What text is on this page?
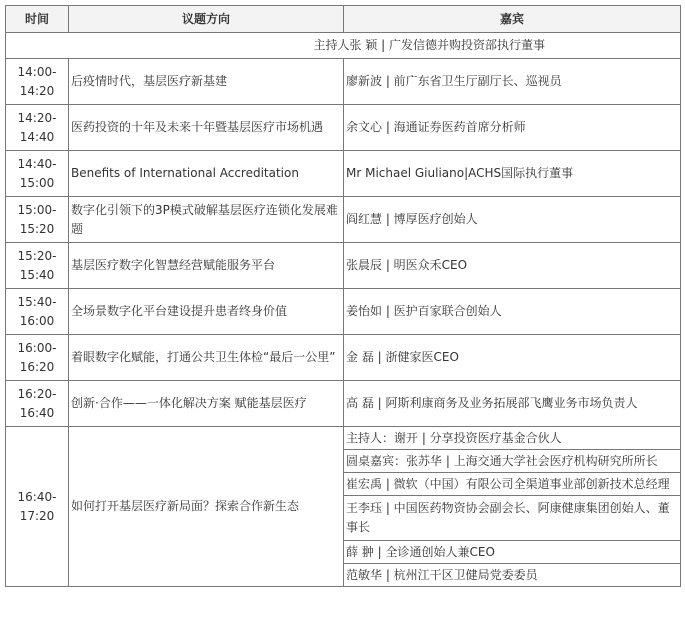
时间	议题方向	嘉宾
主持人张 颖 | 广发信德并购投资部执行董事		
14:00-
14:20	后疫情时代，基层医疗新基建	廖新波 | 前广东省卫生厅副厅长、巡视员
14:20-
14:40	医药投资的十年及未来十年暨基层医疗市场机遇	余文心 | 海通证券医药首席分析师
14:40-
15:00	Benefits of International Accreditation	Mr Michael Giuliano|ACHS国际执行董事
15:00-
15:20	数字化引领下的3P模式破解基层医疗连锁化发展难题	阎红慧 | 博厚医疗创始人
15:20-
15:40	基层医疗数字化智慧经营赋能服务平台	张晨辰 | 明医众禾CEO
15:40-
16:00	全场景数字化平台建设提升患者终身价值	姜怡如 | 医护百家联合创始人
16:00-
16:20	着眼数字化赋能，打通公共卫生体检“最后一公里”	金 磊 | 浙健家医CEO
16:20-
16:40	创新·合作——一体化解决方案 赋能基层医疗	高 磊 | 阿斯利康商务及业务拓展部飞鹰业务市场负责人
16:40-
17:20	如何打开基层医疗新局面？探索合作新生态	主持人：谢开 | 分享投资医疗基金合伙人
		圆桌嘉宾：张苏华 | 上海交通大学社会医疗机构研究所所长
		崔宏禹 | 微软（中国）有限公司全渠道事业部创新技术总经理
		王李珏 | 中国医药物资协会副会长、阿康健康集团创始人、董事长
		薛 翀 | 全诊通创始人兼CEO
		范敏华 | 杭州江干区卫健局党委委员
